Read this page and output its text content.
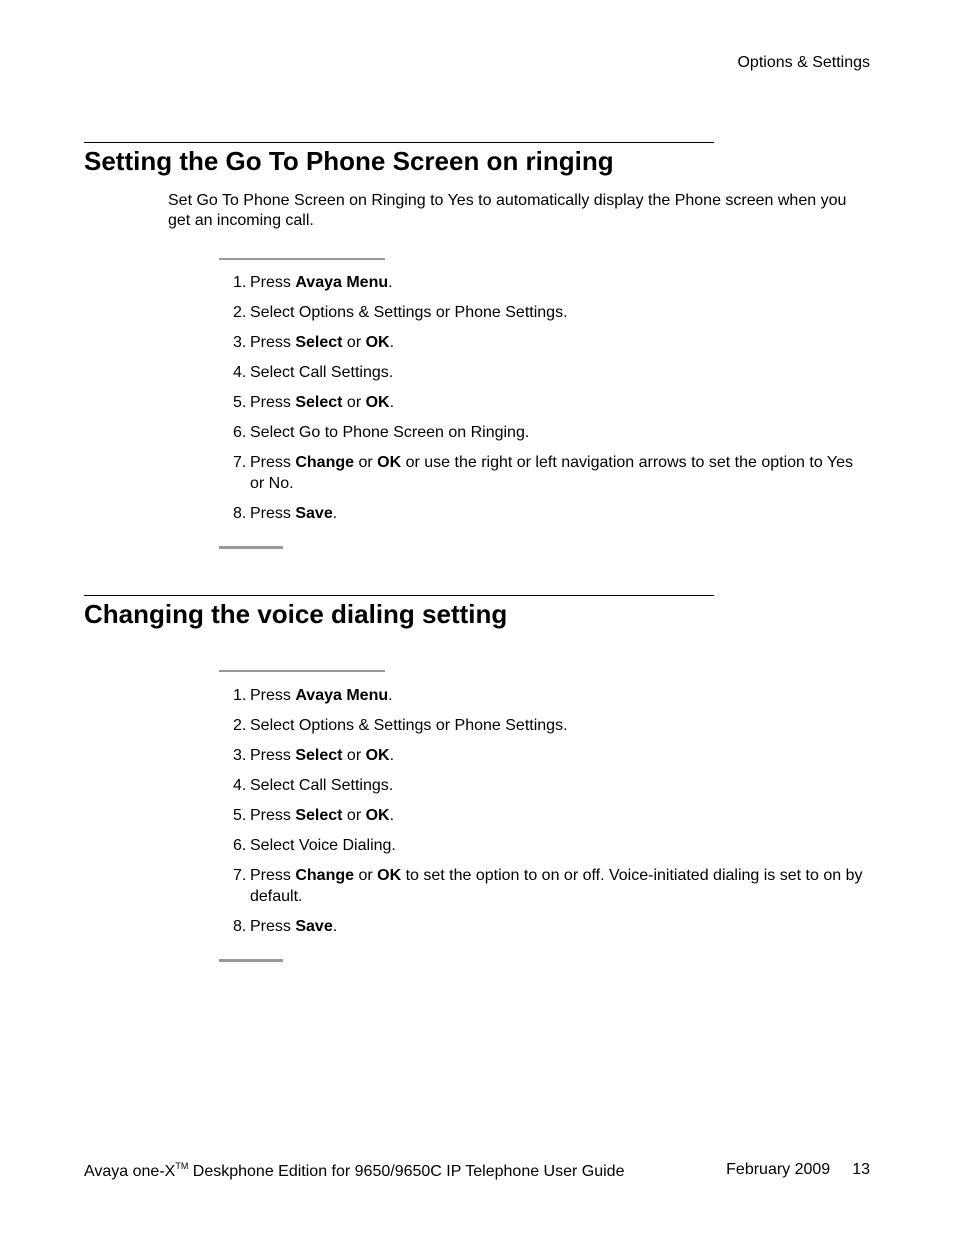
Options & Settings
Setting the Go To Phone Screen on ringing

Set Go To Phone Screen on Ringing to Yes to automatically display the Phone screen when you get an incoming call.

1. Press Avaya Menu.
2. Select Options & Settings or Phone Settings.
3. Press Select or OK.
4. Select Call Settings.
5. Press Select or OK.
6. Select Go to Phone Screen on Ringing.
7. Press Change or OK or use the right or left navigation arrows to set the option to Yes or No.
8. Press Save.
Changing the voice dialing setting
1. Press Avaya Menu.
2. Select Options & Settings or Phone Settings.
3. Press Select or OK.
4. Select Call Settings.
5. Press Select or OK.
6. Select Voice Dialing.
7. Press Change or OK to set the option to on or off. Voice-initiated dialing is set to on by default.
8. Press Save.
Avaya one-X™ Deskphone Edition for 9650/9650C IP Telephone User Guide	February 2009 13
